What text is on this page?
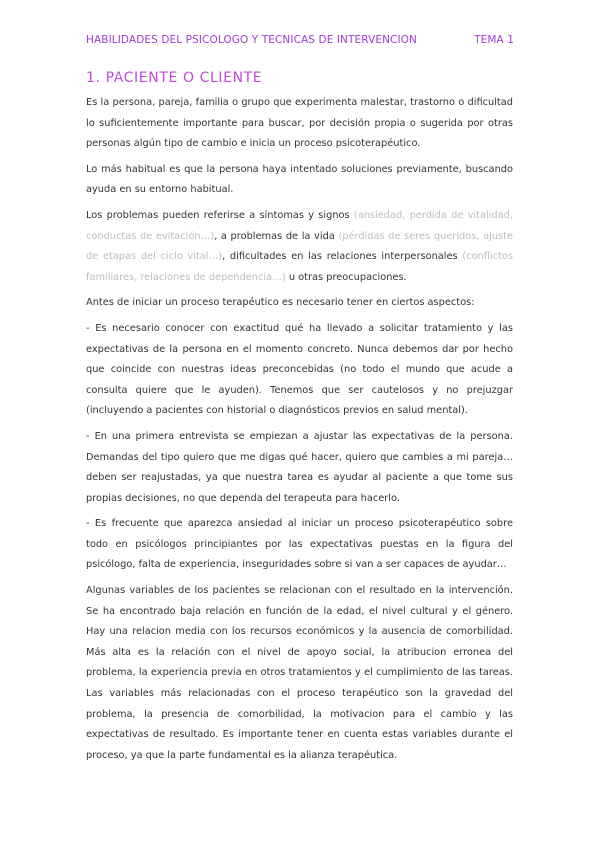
HABILIDADES DEL PSICOLOGO Y TECNICAS DE INTERVENCION	TEMA 1
1. PACIENTE O CLIENTE

Es la persona, pareja, familia o grupo que experimenta malestar, trastorno o dificultad lo suficientemente importante para buscar, por decisión propia o sugerida por otras personas algún tipo de cambio e inicia un proceso psicoterapéutico.

Lo más habitual es que la persona haya intentado soluciones previamente, buscando ayuda en su entorno habitual.

Los problemas pueden referirse a síntomas y signos (ansiedad, perdida de vitalidad, conductas de evitación…), a problemas de la vida (pérdidas de seres queridos, ajuste de etapas del ciclo vital…), dificultades en las relaciones interpersonales (conflictos familiares, relaciones de dependencia…) u otras preocupaciones.

Antes de iniciar un proceso terapéutico es necesario tener en ciertos aspectos:

- Es necesario conocer con exactitud qué ha llevado a solicitar tratamiento y las expectativas de la persona en el momento concreto. Nunca debemos dar por hecho que coincide con nuestras ideas preconcebidas (no todo el mundo que acude a consulta quiere que le ayuden). Tenemos que ser cautelosos y no prejuzgar (incluyendo a pacientes con historial o diagnósticos previos en salud mental).

- En una primera entrevista se empiezan a ajustar las expectativas de la persona. Demandas del tipo quiero que me digas qué hacer, quiero que cambies a mi pareja… deben ser reajustadas, ya que nuestra tarea es ayudar al paciente a que tome sus propias decisiones, no que dependa del terapeuta para hacerlo.

- Es frecuente que aparezca ansiedad al iniciar un proceso psicoterapéutico sobre todo en psicólogos principiantes por las expectativas puestas en la figura del psicólogo, falta de experiencia, inseguridades sobre si van a ser capaces de ayudar…

Algunas variables de los pacientes se relacionan con el resultado en la intervención. Se ha encontrado baja relación en función de la edad, el nivel cultural y el género. Hay una relacion media con los recursos económicos y la ausencia de comorbilidad. Más alta es la relación con el nivel de apoyo social, la atribucion erronea del problema, la experiencia previa en otros tratamientos y el cumplimiento de las tareas. Las variables más relacionadas con el proceso terapéutico son la gravedad del problema, la presencia de comorbilidad, la motivacion para el cambio y las expectativas de resultado. Es importante tener en cuenta estas variables durante el proceso, ya que la parte fundamental es la alianza terapéutica.
